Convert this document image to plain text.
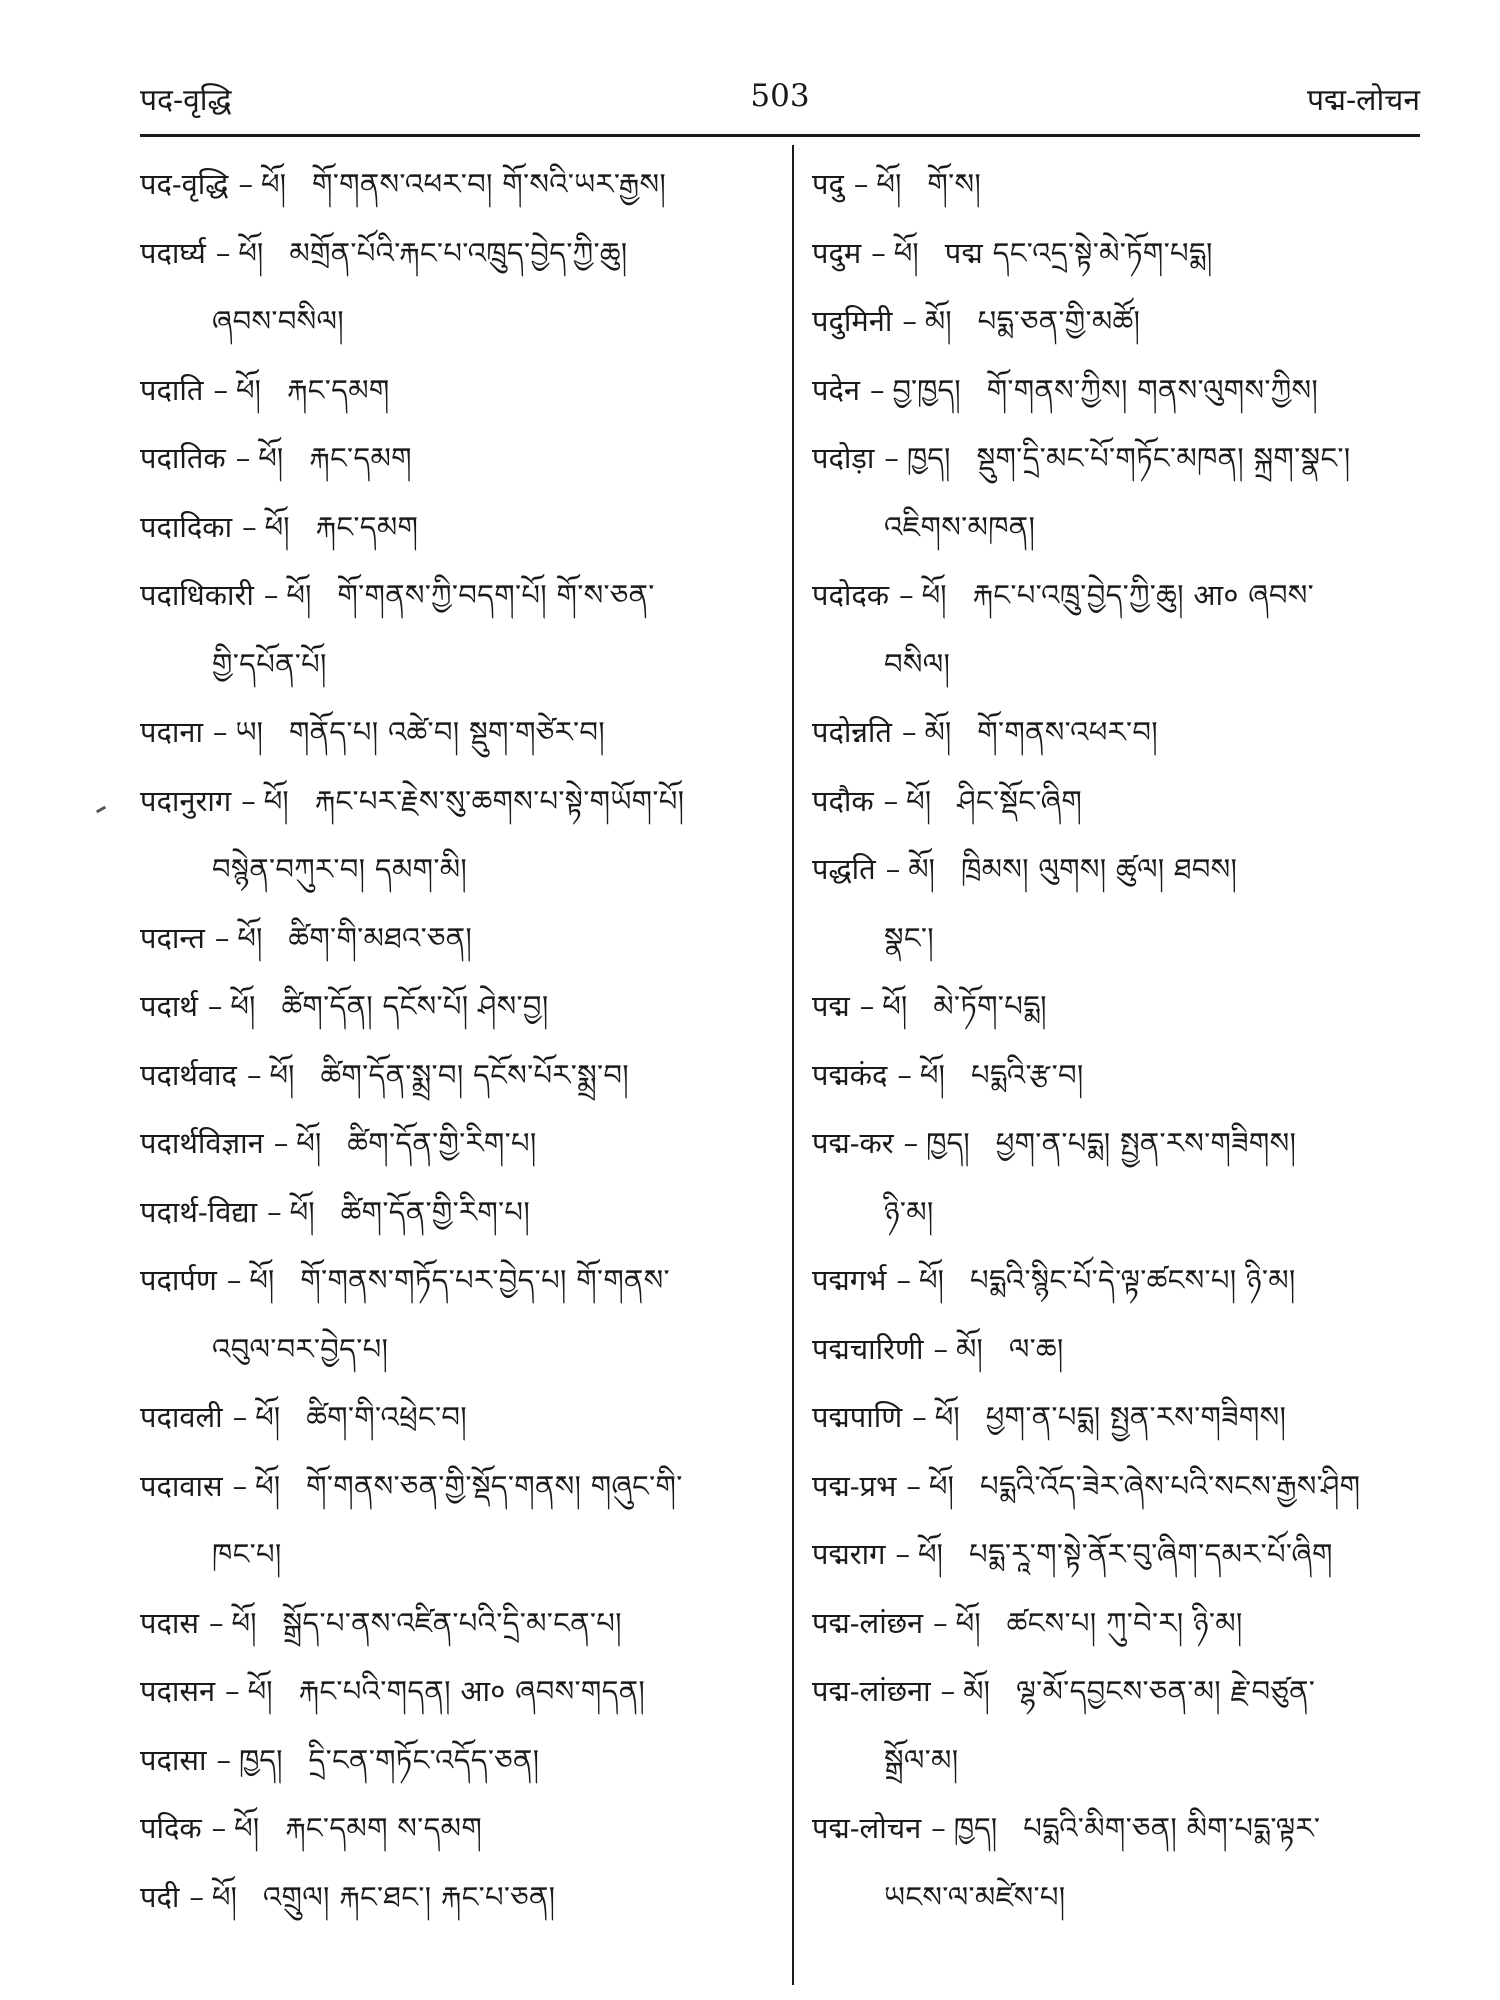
पद-वृद्धि	503	पद्म-लोचन
पद-वृद्धि – ཕོ། གོ་གནས་འཕར་བ། གོ་སའི་ཡར་རྒྱས།
पदार्घ्य – ཕོ། མགྲོན་པོའི་རྐང་པ་འཁྲུད་བྱེད་ཀྱི་ཆུ།
ཞབས་བསིལ།
पदाति – ཕོ། རྐང་དམག
पदातिक – ཕོ། རྐང་དམག
पदादिका – ཕོ། རྐང་དམག
पदाधिकारी – ཕོ། གོ་གནས་ཀྱི་བདག་པོ། གོ་ས་ཅན་
གྱི་དཔོན་པོ།
पदाना – ཡ། གནོད་པ། འཚེ་བ། སྡུག་གཙེར་བ།
पदानुराग – ཕོ། རྐང་པར་རྗེས་སུ་ཆགས་པ་སྟེ་གཡོག་པོ།
བསྙེན་བཀུར་བ། དམག་མི།
पदान्त – ཕོ། ཚིག་གི་མཐའ་ཅན།
पदार्थ – ཕོ། ཚིག་དོན། དངོས་པོ། ཤེས་བྱ།
पदार्थवाद – ཕོ། ཚིག་དོན་སྨྲ་བ། དངོས་པོར་སྨྲ་བ།
पदार्थविज्ञान – ཕོ། ཚིག་དོན་གྱི་རིག་པ།
पदार्थ-विद्या – ཕོ། ཚིག་དོན་གྱི་རིག་པ།
पदार्पण – ཕོ། གོ་གནས་གཏོད་པར་བྱེད་པ། གོ་གནས་
འབུལ་བར་བྱེད་པ།
पदावली – ཕོ། ཚིག་གི་འཕྲེང་བ།
पदावास – ཕོ། གོ་གནས་ཅན་གྱི་སྡོད་གནས། གཞུང་གི་
ཁང་པ།
पदास – ཕོ། སྒྲོད་པ་ནས་འཛིན་པའི་དྲི་མ་ངན་པ།
पदासन – ཕོ། རྐང་པའི་གདན། आ० ཞབས་གདན།
पदासा – ཁྱད། དྲི་ངན་གཏོང་འདོད་ཅན།
पदिक – ཕོ། རྐང་དམག ས་དམག
पदी – ཕོ། འགྲུལ། རྐང་ཐང་། རྐང་པ་ཅན།
पदु – ཕོ། གོ་ས།
पदुम – ཕོ། पद्म དང་འདྲ་སྟེ་མེ་ཏོག་པདྨ།
पदुमिनी – མོ། པདྨ་ཅན་གྱི་མཚོ།
पदेन – བྱ་ཁྱད། གོ་གནས་ཀྱིས། གནས་ལུགས་ཀྱིས།
पदोड़ा – ཁྱད། སྡུག་དྲི་མང་པོ་གཏོང་མཁན། སྐྲག་སྣང་།
འཇིགས་མཁན།
पदोदक – ཕོ། རྐང་པ་འཁྲུ་བྱེད་ཀྱི་ཆུ། आ० ཞབས་
བསིལ།
पदोन्नति – མོ། གོ་གནས་འཕར་བ།
पदौक – ཕོ། ཤིང་སྡོང་ཞིག
पद्धति – མོ། ཁྲིམས། ལུགས། ཚུལ། ཐབས།
སྣང་།
पद्म – ཕོ། མེ་ཏོག་པདྨ།
पद्मकंद – ཕོ། པདྨའི་རྩ་བ།
पद्म-कर – ཁྱད། ཕྱག་ན་པདྨ། སྤྱན་རས་གཟིགས།
ཉི་མ།
पद्मगर्भ – ཕོ། པདྨའི་སྙིང་པོ་དེ་ལྟ་ཚངས་པ། ཉི་མ།
पद्मचारिणी – མོ། ལ་ཆ།
पद्मपाणि – ཕོ། ཕྱག་ན་པདྨ། སྤྱན་རས་གཟིགས།
पद्म-प्रभ – ཕོ། པདྨའི་འོད་ཟེར་ཞེས་པའི་སངས་རྒྱས་ཤིག
पद्मराग – ཕོ། པདྨ་རཱ་ག་སྟེ་ནོར་བུ་ཞིག་དམར་པོ་ཞིག
पद्म-लांछन – ཕོ། ཚངས་པ། ཀུ་བེ་ར། ཉི་མ།
पद्म-लांछना – མོ། ལྷ་མོ་དབྱངས་ཅན་མ། རྗེ་བཙུན་
སྒྲོལ་མ།
पद्म-लोचन – ཁྱད། པདྨའི་མིག་ཅན། མིག་པདྨ་ལྟར་
ཡངས་ལ་མཛེས་པ།
